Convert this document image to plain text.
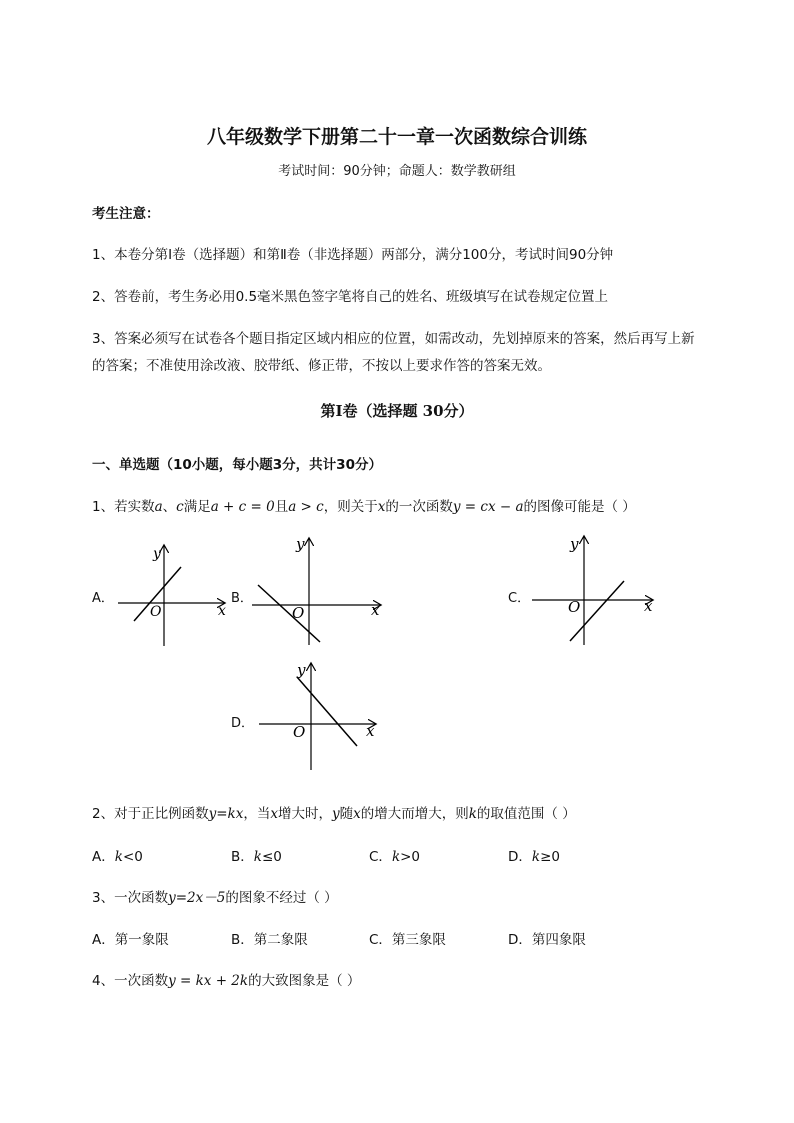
八年级数学下册第二十一章一次函数综合训练
考试时间：90分钟；命题人：数学教研组
考生注意：
1、本卷分第I卷（选择题）和第Ⅱ卷（非选择题）两部分，满分100分，考试时间90分钟
2、答卷前，考生务必用0.5毫米黑色签字笔将自己的姓名、班级填写在试卷规定位置上
3、答案必须写在试卷各个题目指定区域内相应的位置，如需改动，先划掉原来的答案，然后再写上新
的答案；不准使用涂改液、胶带纸、修正带，不按以上要求作答的答案无效。
第I卷（选择题 30分）
一、单选题（10小题，每小题3分，共计30分）
1、若实数a、c满足a + c = 0且a > c，则关于x的一次函数y = cx − a的图像可能是（ ）
A．	B．	C．
D．
y
x
O
y
x
O
y
x
O
y
x
O
2、对于正比例函数y=kx，当x增大时，y随x的增大而增大，则k的取值范围（ ）
A．k<0	B．k≤0	C．k>0	D．k≥0
3、一次函数y=2x－5的图象不经过（ ）
A．第一象限	B．第二象限	C．第三象限	D．第四象限
4、一次函数y = kx + 2k的大致图象是（ ）
